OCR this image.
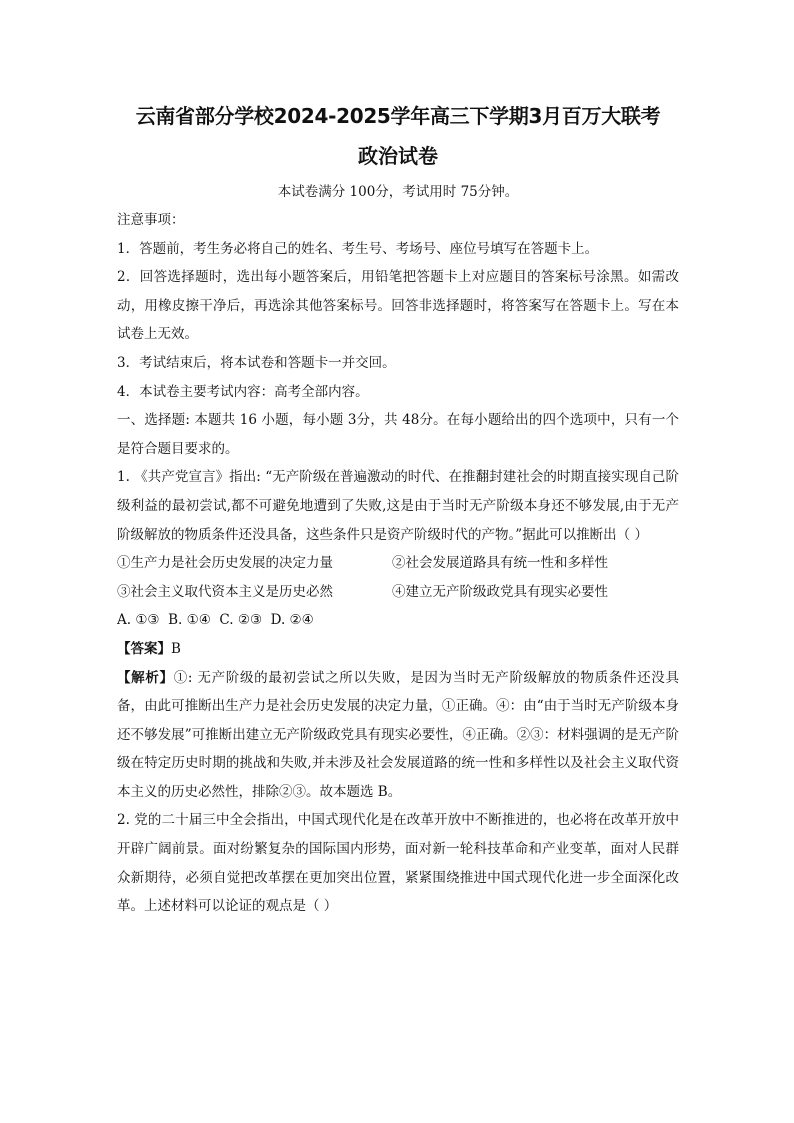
云南省部分学校2024-2025学年高三下学期3月百万大联考
政治试卷
本试卷满分 100分，考试用时 75分钟。

注意事项：

1．答题前，考生务必将自己的姓名、考生号、考场号、座位号填写在答题卡上。

2．回答选择题时，选出每小题答案后，用铅笔把答题卡上对应题目的答案标号涂黑。如需改动，用橡皮擦干净后，再选涂其他答案标号。回答非选择题时，将答案写在答题卡上。写在本试卷上无效。

3．考试结束后，将本试卷和答题卡一并交回。

4．本试卷主要考试内容：高考全部内容。

一、选择题: 本题共 16 小题，每小题 3分，共 48分。在每小题给出的四个选项中，只有一个是符合题目要求的。

1. 《共产党宣言》指出: “无产阶级在普遍激动的时代、在推翻封建社会的时期直接实现自己阶级利益的最初尝试,都不可避免地遭到了失败,这是由于当时无产阶级本身还不够发展,由于无产阶级解放的物质条件还没具备，这些条件只是资产阶级时代的产物。”据此可以推断出（ ）

①生产力是社会历史发展的决定力量	②社会发展道路具有统一性和多样性
③社会主义取代资本主义是历史必然	④建立无产阶级政党具有现实必要性
A. ①③  B. ①④  C. ②③  D. ②④

【答案】B

【解析】①: 无产阶级的最初尝试之所以失败，是因为当时无产阶级解放的物质条件还没具备，由此可推断出生产力是社会历史发展的决定力量，①正确。④：由“由于当时无产阶级本身还不够发展”可推断出建立无产阶级政党具有现实必要性，④正确。②③：材料强调的是无产阶级在特定历史时期的挑战和失败,并未涉及社会发展道路的统一性和多样性以及社会主义取代资本主义的历史必然性，排除②③。故本题选 B。

2. 党的二十届三中全会指出，中国式现代化是在改革开放中不断推进的，也必将在改革开放中开辟广阔前景。面对纷繁复杂的国际国内形势，面对新一轮科技革命和产业变革，面对人民群众新期待，必须自觉把改革摆在更加突出位置，紧紧围绕推进中国式现代化进一步全面深化改革。上述材料可以论证的观点是（ ）
